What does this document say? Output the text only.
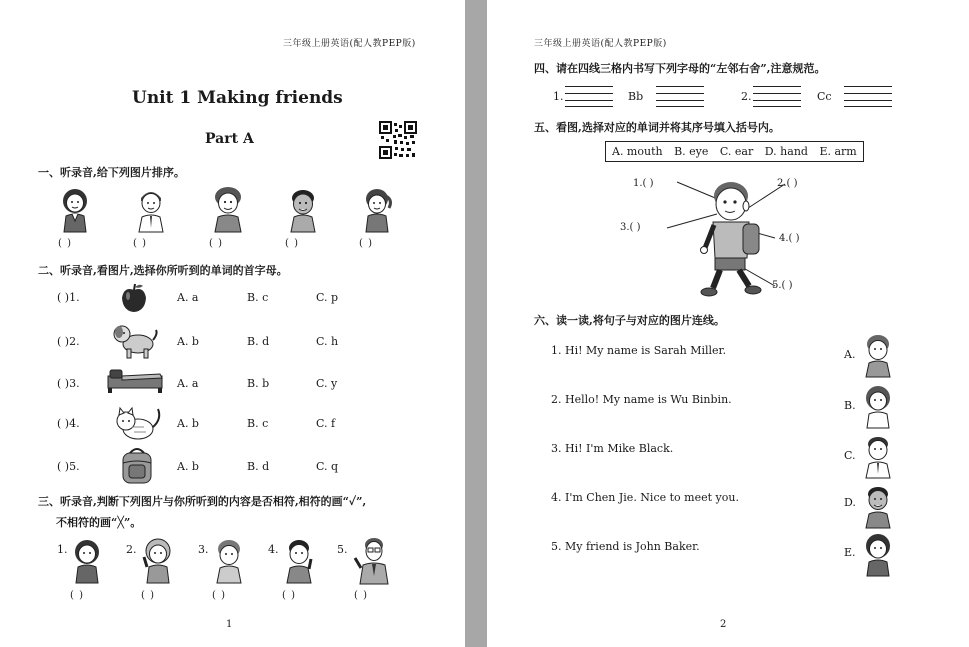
三年级上册英语(配人教PEP版)
Unit 1 Making friends
Part A
一、听录音,给下列图片排序。
( )	( )	( )	( )	( )
二、听录音,看图片,选择你所听到的单词的首字母。
( )1.	A. a	B. c	C. p
( )2.	A. b	B. d	C. h
( )3.	A. a	B. b	C. y
( )4.	A. b	B. c	C. f
( )5.	A. b	B. d	C. q
三、听录音,判断下列图片与你所听到的内容是否相符,相符的画“✓”,
不相符的画“╳”。
1.	2.	3.	4.	5.
( )	( )	( )	( )	( )
1
三年级上册英语(配人教PEP版)
四、请在四线三格内书写下列字母的“左邻右舍”,注意规范。
1.	Bb	2.	Cc
五、看图,选择对应的单词并将其序号填入括号内。
A. mouth B. eye C. ear D. hand E. arm
1.( )	2.( )
3.( )
4.( )
5.( )
六、读一读,将句子与对应的图片连线。
1. Hi! My name is Sarah Miller.
2. Hello! My name is Wu Binbin.
3. Hi! I'm Mike Black.
4. I'm Chen Jie. Nice to meet you.
5. My friend is John Baker.
A.
B.
C.
D.
E.
2
